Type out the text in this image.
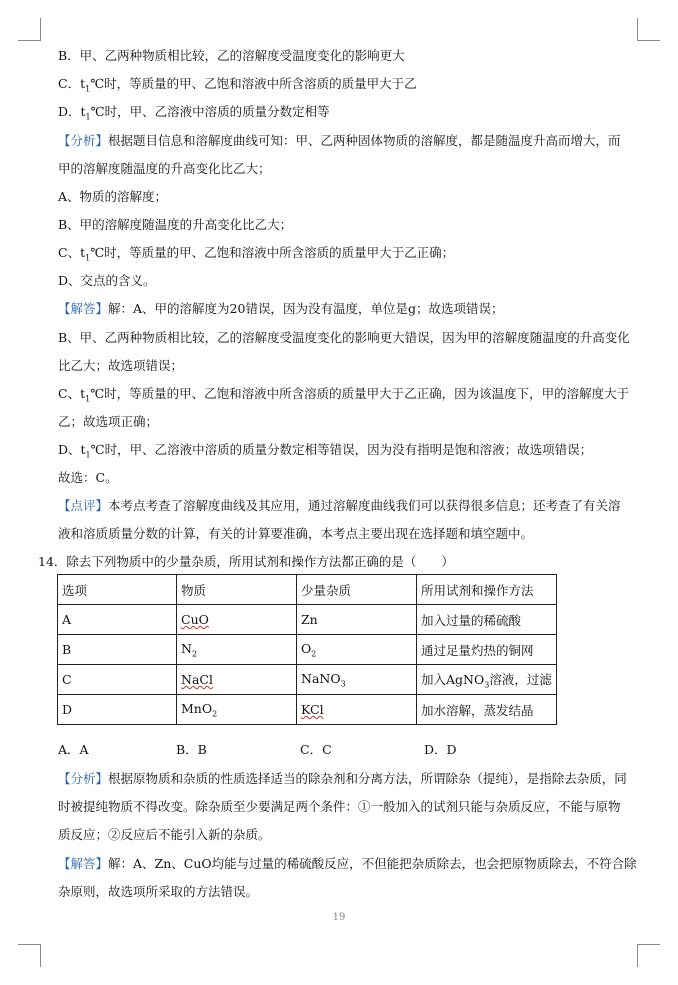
B．甲、乙两种物质相比较，乙的溶解度受温度变化的影响更大
C．$t_1℃$时，等质量的甲、乙饱和溶液中所含溶质的质量甲大于乙
D．$t_1℃$时，甲、乙溶液中溶质的质量分数定相等
【分析】根据题目信息和溶解度曲线可知：甲、乙两种固体物质的溶解度，都是随温度升高而增大，而
甲的溶解度随温度的升高变化比乙大；
A、物质的溶解度；
B、甲的溶解度随温度的升高变化比乙大；
C、$t_1℃$时，等质量的甲、乙饱和溶液中所含溶质的质量甲大于乙正确；
D、交点的含义。
【解答】解：A、甲的溶解度为20错误，因为没有温度，单位是g；故选项错误；
B、甲、乙两种物质相比较，乙的溶解度受温度变化的影响更大错误，因为甲的溶解度随温度的升高变化
比乙大；故选项错误；
C、$t_1℃$时，等质量的甲、乙饱和溶液中所含溶质的质量甲大于乙正确，因为该温度下，甲的溶解度大于
乙；故选项正确；
D、$t_1℃$时，甲、乙溶液中溶质的质量分数定相等错误，因为没有指明是饱和溶液；故选项错误；
故选：C。
【点评】本考点考查了溶解度曲线及其应用，通过溶解度曲线我们可以获得很多信息；还考查了有关溶
液和溶质质量分数的计算，有关的计算要准确，本考点主要出现在选择题和填空题中。
14．除去下列物质中的少量杂质，所用试剂和操作方法都正确的是（　　）
选项	物质	少量杂质	所用试剂和操作方法
A	CuO	Zn	加入过量的稀硫酸
B	$N_2$	$O_2$	通过足量灼热的铜网
C	NaCl	NaNO$_3$	加入AgNO$_3$溶液，过滤
D	MnO$_2$	KCl	加水溶解，蒸发结晶
A．A	B．B	C．C	D．D
【分析】根据原物质和杂质的性质选择适当的除杂剂和分离方法，所谓除杂（提纯），是指除去杂质，同
时被提纯物质不得改变。除杂质至少要满足两个条件：①一般加入的试剂只能与杂质反应，不能与原物
质反应；②反应后不能引入新的杂质。
【解答】解：A、Zn、CuO均能与过量的稀硫酸反应，不但能把杂质除去，也会把原物质除去，不符合除
杂原则，故选项所采取的方法错误。
19
